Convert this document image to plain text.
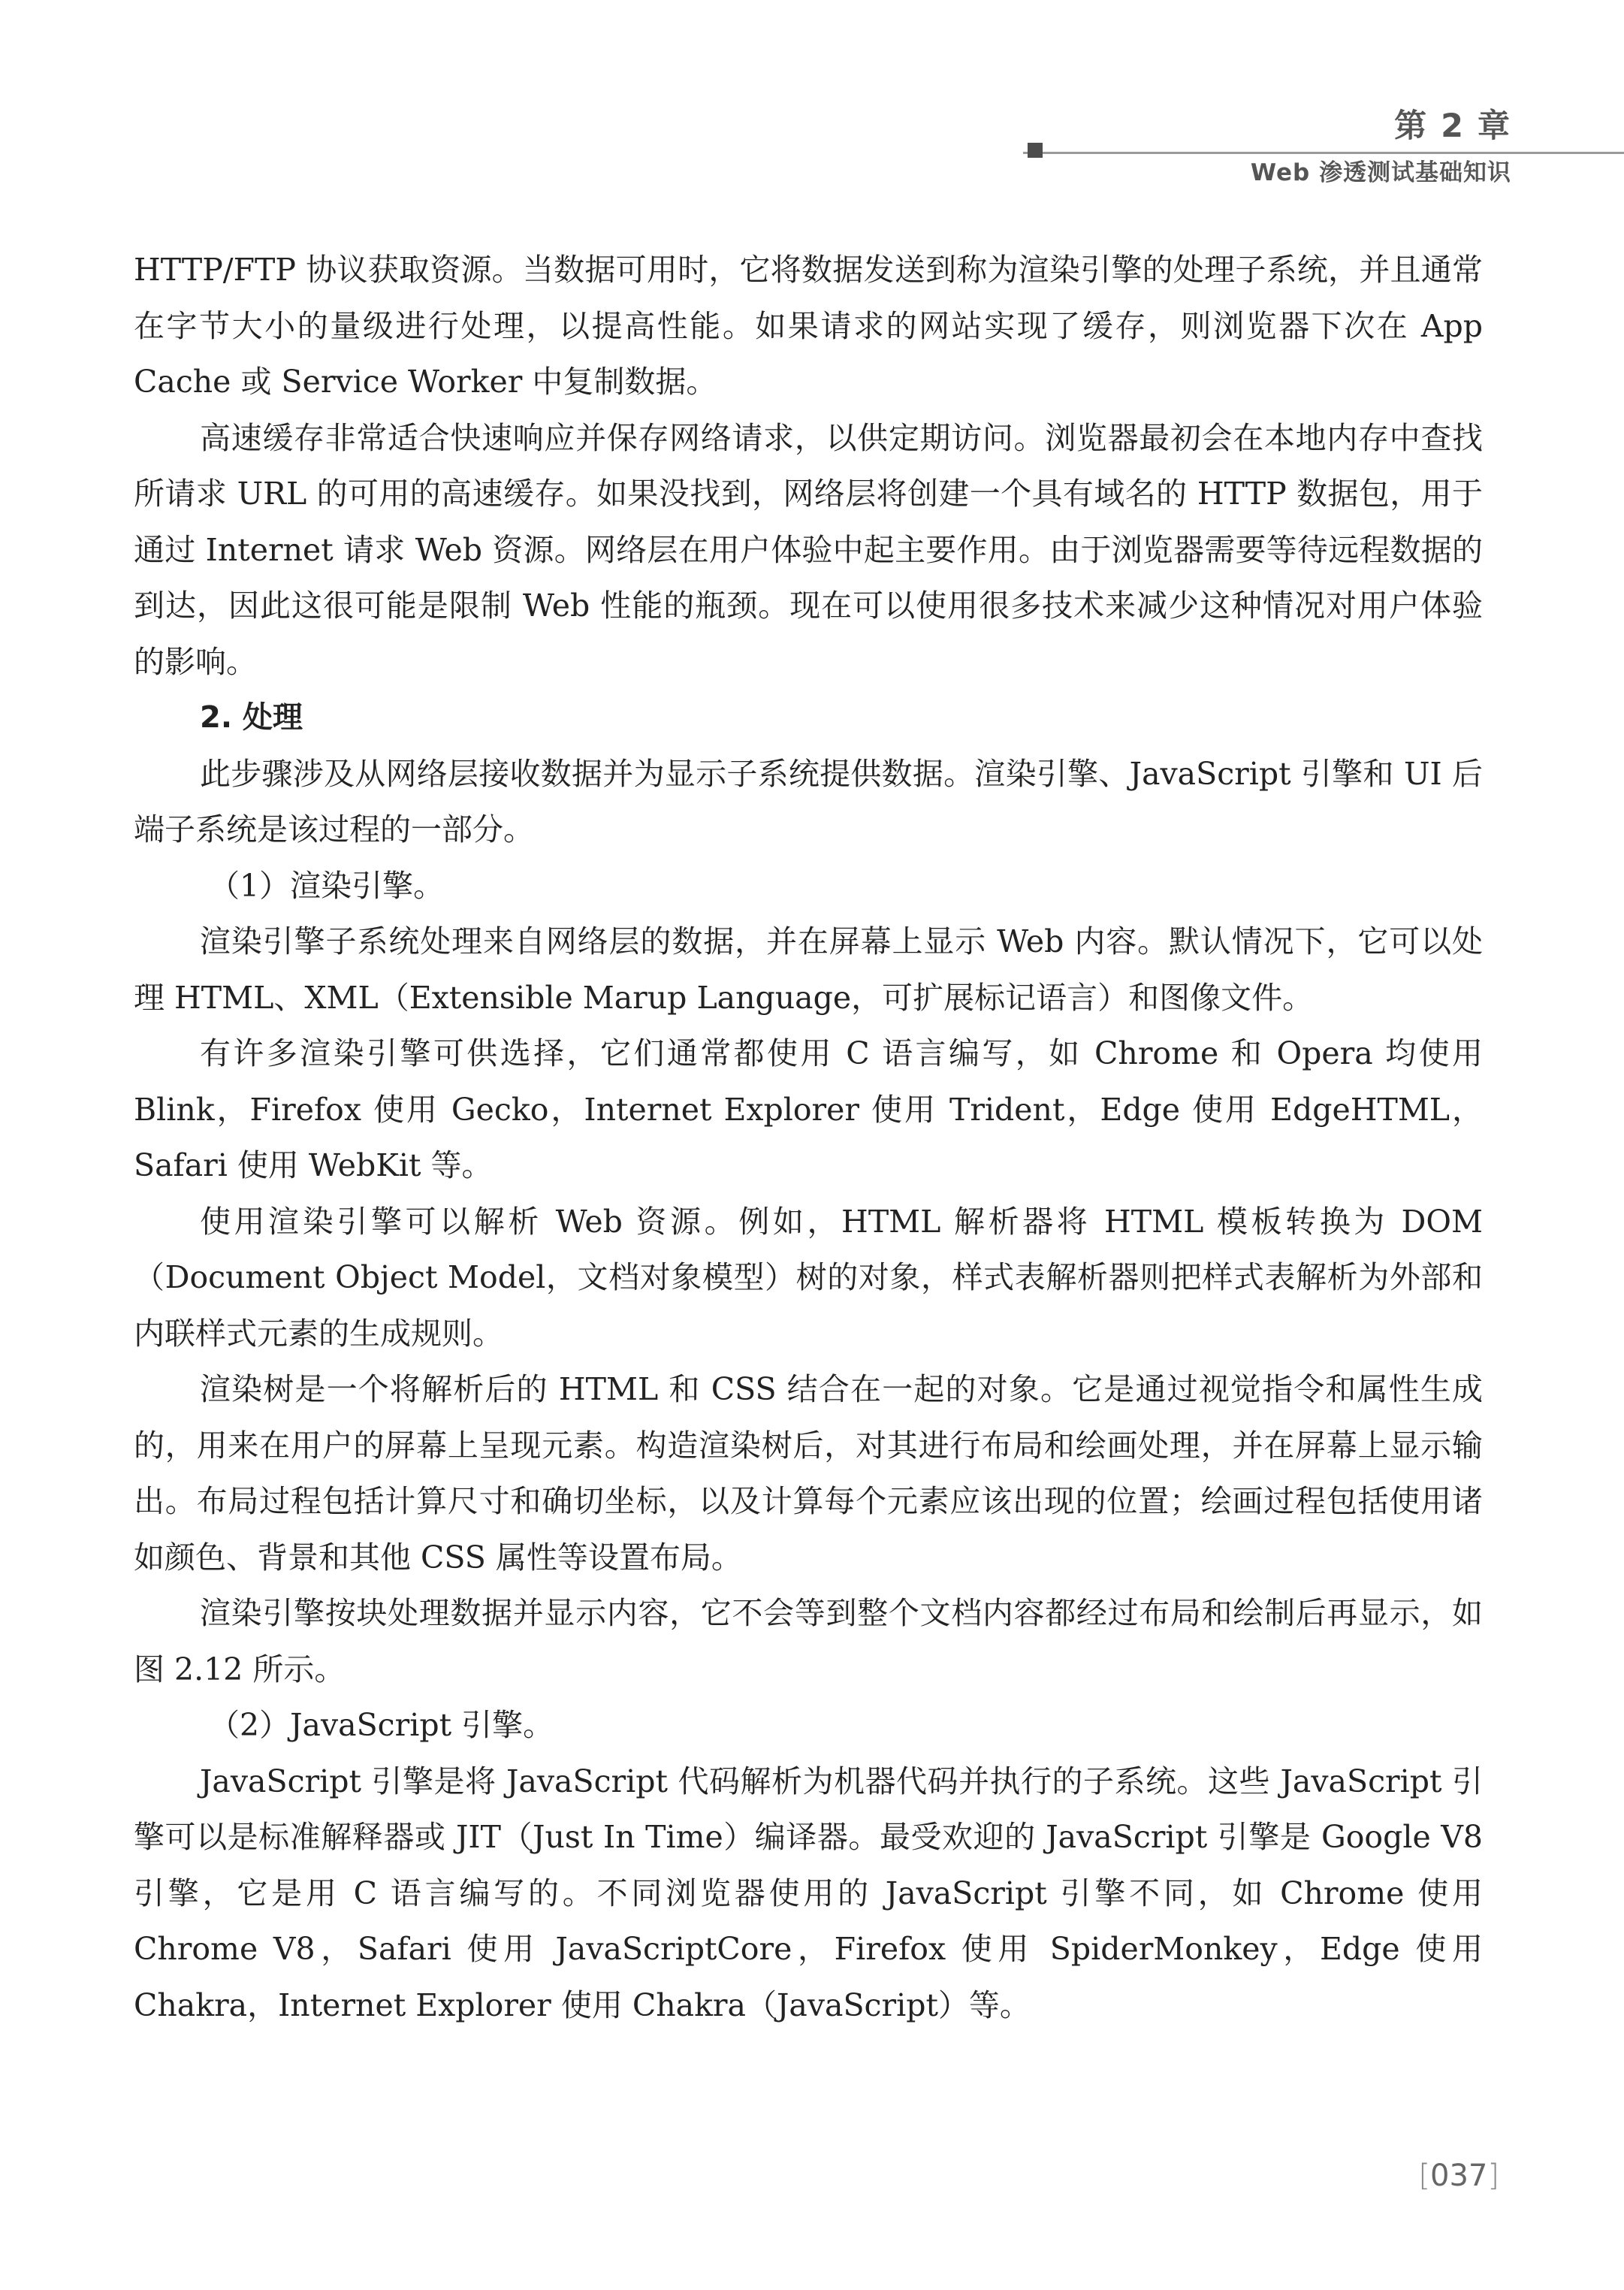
第 2 章

Web 渗透测试基础知识

HTTP/FTP 协议获取资源。当数据可用时，它将数据发送到称为渲染引擎的处理子系统，并且通常在字节大小的量级进行处理，以提高性能。如果请求的网站实现了缓存，则浏览器下次在 App Cache 或 Service Worker 中复制数据。

高速缓存非常适合快速响应并保存网络请求，以供定期访问。浏览器最初会在本地内存中查找所请求 URL 的可用的高速缓存。如果没找到，网络层将创建一个具有域名的 HTTP 数据包，用于通过 Internet 请求 Web 资源。网络层在用户体验中起主要作用。由于浏览器需要等待远程数据的到达，因此这很可能是限制 Web 性能的瓶颈。现在可以使用很多技术来减少这种情况对用户体验的影响。

2. 处理

此步骤涉及从网络层接收数据并为显示子系统提供数据。渲染引擎、JavaScript 引擎和 UI 后端子系统是该过程的一部分。

（1）渲染引擎。

渲染引擎子系统处理来自网络层的数据，并在屏幕上显示 Web 内容。默认情况下，它可以处理 HTML、XML（Extensible Marup Language，可扩展标记语言）和图像文件。

有许多渲染引擎可供选择，它们通常都使用 C 语言编写，如 Chrome 和 Opera 均使用 Blink，Firefox 使用 Gecko，Internet Explorer 使用 Trident，Edge 使用 EdgeHTML，Safari 使用 WebKit 等。

使用渲染引擎可以解析 Web 资源。例如，HTML 解析器将 HTML 模板转换为 DOM（Document Object Model，文档对象模型）树的对象，样式表解析器则把样式表解析为外部和内联样式元素的生成规则。

渲染树是一个将解析后的 HTML 和 CSS 结合在一起的对象。它是通过视觉指令和属性生成的，用来在用户的屏幕上呈现元素。构造渲染树后，对其进行布局和绘画处理，并在屏幕上显示输出。布局过程包括计算尺寸和确切坐标，以及计算每个元素应该出现的位置；绘画过程包括使用诸如颜色、背景和其他 CSS 属性等设置布局。

渲染引擎按块处理数据并显示内容，它不会等到整个文档内容都经过布局和绘制后再显示，如图 2.12 所示。

（2）JavaScript 引擎。

JavaScript 引擎是将 JavaScript 代码解析为机器代码并执行的子系统。这些 JavaScript 引擎可以是标准解释器或 JIT（Just In Time）编译器。最受欢迎的 JavaScript 引擎是 Google V8 引擎，它是用 C 语言编写的。不同浏览器使用的 JavaScript 引擎不同，如 Chrome 使用 Chrome V8，Safari 使用 JavaScriptCore，Firefox 使用 SpiderMonkey，Edge 使用 Chakra，Internet Explorer 使用 Chakra（JavaScript）等。

[037]
